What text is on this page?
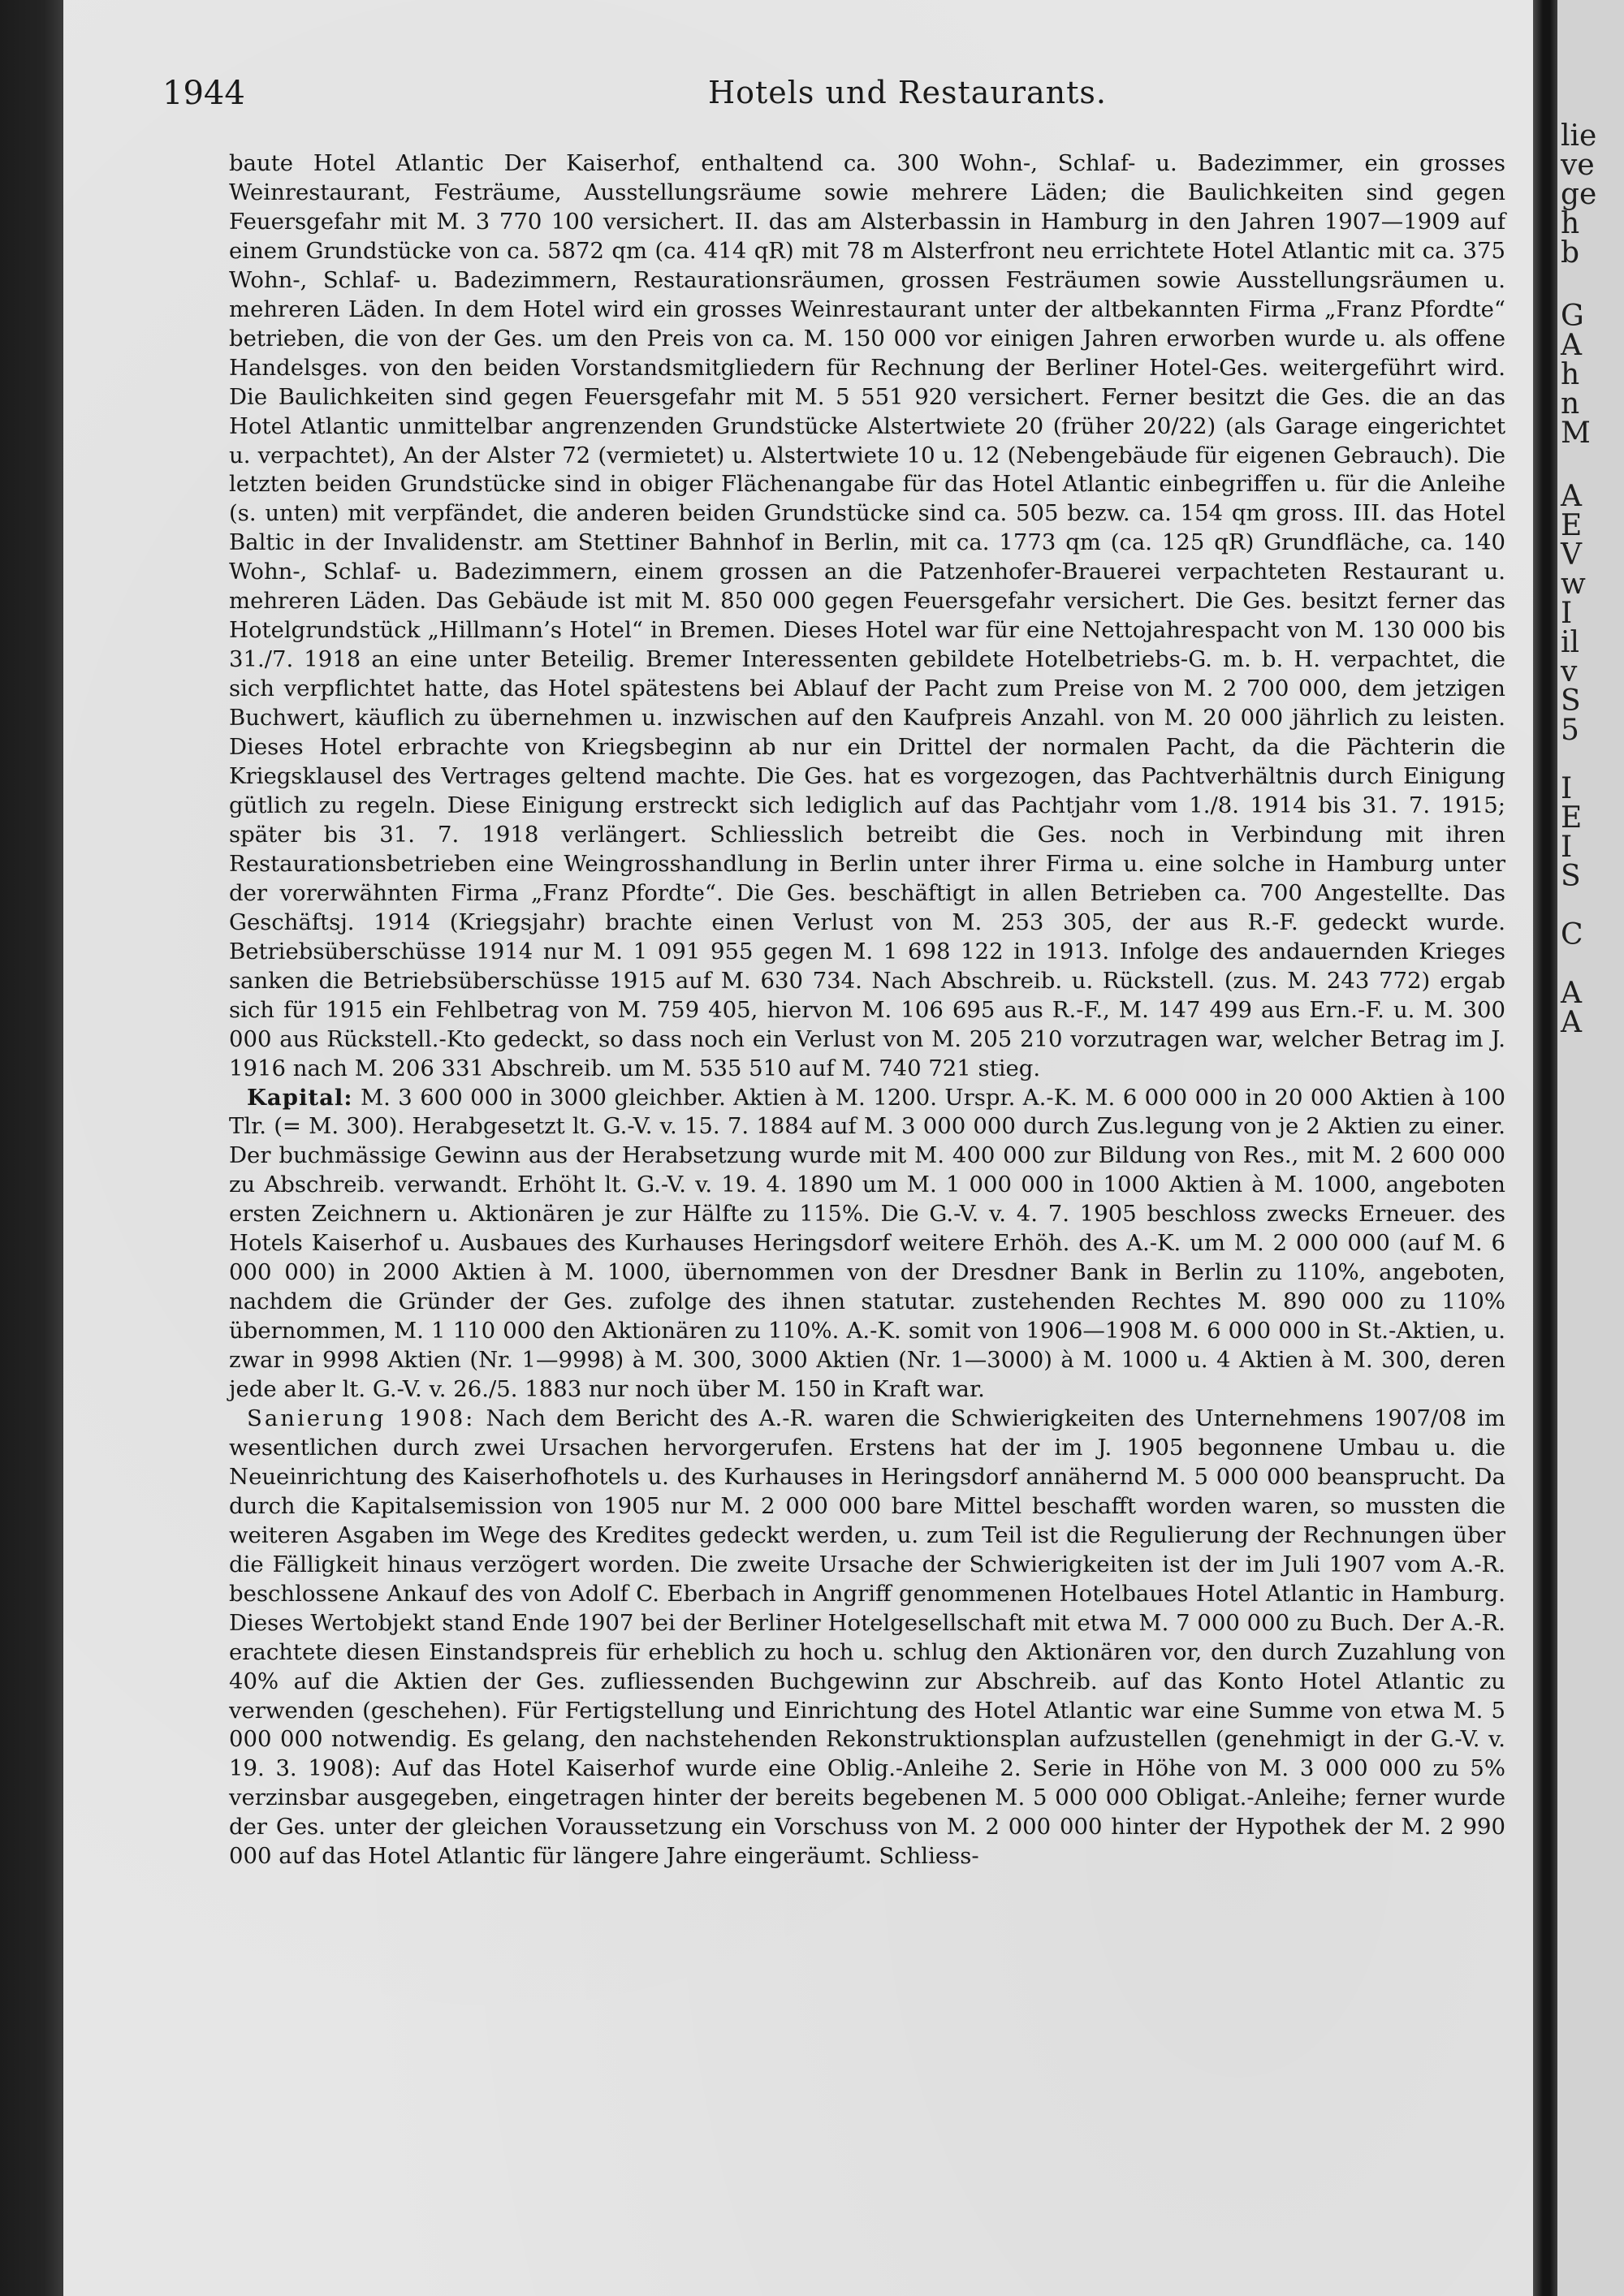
1944	Hotels und Restaurants.

baute Hotel Atlantic Der Kaiserhof, enthaltend ca. 300 Wohn-, Schlaf- u. Badezimmer, ein grosses Weinrestaurant, Festräume, Ausstellungsräume sowie mehrere Läden; die Baulichkeiten sind gegen Feuersgefahr mit M. 3 770 100 versichert. II. das am Alsterbassin in Hamburg in den Jahren 1907—1909 auf einem Grundstücke von ca. 5872 qm (ca. 414 qR) mit 78 m Alsterfront neu errichtete Hotel Atlantic mit ca. 375 Wohn-, Schlaf- u. Badezimmern, Restaurationsräumen, grossen Festräumen sowie Ausstellungsräumen u. mehreren Läden. In dem Hotel wird ein grosses Weinrestaurant unter der altbekannten Firma „Franz Pfordte“ betrieben, die von der Ges. um den Preis von ca. M. 150 000 vor einigen Jahren erworben wurde u. als offene Handelsges. von den beiden Vorstandsmitgliedern für Rechnung der Berliner Hotel-Ges. weitergeführt wird. Die Baulichkeiten sind gegen Feuersgefahr mit M. 5 551 920 versichert. Ferner besitzt die Ges. die an das Hotel Atlantic unmittelbar angrenzenden Grundstücke Alstertwiete 20 (früher 20/22) (als Garage eingerichtet u. verpachtet), An der Alster 72 (vermietet) u. Alstertwiete 10 u. 12 (Nebengebäude für eigenen Gebrauch). Die letzten beiden Grundstücke sind in obiger Flächenangabe für das Hotel Atlantic einbegriffen u. für die Anleihe (s. unten) mit verpfändet, die anderen beiden Grundstücke sind ca. 505 bezw. ca. 154 qm gross. III. das Hotel Baltic in der Invalidenstr. am Stettiner Bahnhof in Berlin, mit ca. 1773 qm (ca. 125 qR) Grundfläche, ca. 140 Wohn-, Schlaf- u. Badezimmern, einem grossen an die Patzenhofer-Brauerei verpachteten Restaurant u. mehreren Läden. Das Gebäude ist mit M. 850 000 gegen Feuersgefahr versichert. Die Ges. besitzt ferner das Hotelgrundstück „Hillmann’s Hotel“ in Bremen. Dieses Hotel war für eine Nettojahrespacht von M. 130 000 bis 31./7. 1918 an eine unter Beteilig. Bremer Interessenten gebildete Hotelbetriebs-G. m. b. H. verpachtet, die sich verpflichtet hatte, das Hotel spätestens bei Ablauf der Pacht zum Preise von M. 2 700 000, dem jetzigen Buchwert, käuflich zu übernehmen u. inzwischen auf den Kaufpreis Anzahl. von M. 20 000 jährlich zu leisten. Dieses Hotel erbrachte von Kriegsbeginn ab nur ein Drittel der normalen Pacht, da die Pächterin die Kriegsklausel des Vertrages geltend machte. Die Ges. hat es vorgezogen, das Pachtverhältnis durch Einigung gütlich zu regeln. Diese Einigung erstreckt sich lediglich auf das Pachtjahr vom 1./8. 1914 bis 31. 7. 1915; später bis 31. 7. 1918 verlängert. Schliesslich betreibt die Ges. noch in Verbindung mit ihren Restaurationsbetrieben eine Weingrosshandlung in Berlin unter ihrer Firma u. eine solche in Hamburg unter der vorerwähnten Firma „Franz Pfordte“. Die Ges. beschäftigt in allen Betrieben ca. 700 Angestellte. Das Geschäftsj. 1914 (Kriegsjahr) brachte einen Verlust von M. 253 305, der aus R.-F. gedeckt wurde. Betriebsüberschüsse 1914 nur M. 1 091 955 gegen M. 1 698 122 in 1913. Infolge des andauernden Krieges sanken die Betriebsüberschüsse 1915 auf M. 630 734. Nach Abschreib. u. Rückstell. (zus. M. 243 772) ergab sich für 1915 ein Fehlbetrag von M. 759 405, hiervon M. 106 695 aus R.-F., M. 147 499 aus Ern.-F. u. M. 300 000 aus Rückstell.-Kto gedeckt, so dass noch ein Verlust von M. 205 210 vorzutragen war, welcher Betrag im J. 1916 nach M. 206 331 Abschreib. um M. 535 510 auf M. 740 721 stieg.

Kapital: M. 3 600 000 in 3000 gleichber. Aktien à M. 1200. Urspr. A.-K. M. 6 000 000 in 20 000 Aktien à 100 Tlr. (= M. 300). Herabgesetzt lt. G.-V. v. 15. 7. 1884 auf M. 3 000 000 durch Zus.legung von je 2 Aktien zu einer. Der buchmässige Gewinn aus der Herabsetzung wurde mit M. 400 000 zur Bildung von Res., mit M. 2 600 000 zu Abschreib. verwandt. Erhöht lt. G.-V. v. 19. 4. 1890 um M. 1 000 000 in 1000 Aktien à M. 1000, angeboten ersten Zeichnern u. Aktionären je zur Hälfte zu 115%. Die G.-V. v. 4. 7. 1905 beschloss zwecks Erneuer. des Hotels Kaiserhof u. Ausbaues des Kurhauses Heringsdorf weitere Erhöh. des A.-K. um M. 2 000 000 (auf M. 6 000 000) in 2000 Aktien à M. 1000, übernommen von der Dresdner Bank in Berlin zu 110%, angeboten, nachdem die Gründer der Ges. zufolge des ihnen statutar. zustehenden Rechtes M. 890 000 zu 110% übernommen, M. 1 110 000 den Aktionären zu 110%. A.-K. somit von 1906—1908 M. 6 000 000 in St.-Aktien, u. zwar in 9998 Aktien (Nr. 1—9998) à M. 300, 3000 Aktien (Nr. 1—3000) à M. 1000 u. 4 Aktien à M. 300, deren jede aber lt. G.-V. v. 26./5. 1883 nur noch über M. 150 in Kraft war.

Sanierung 1908: Nach dem Bericht des A.-R. waren die Schwierigkeiten des Unternehmens 1907/08 im wesentlichen durch zwei Ursachen hervorgerufen. Erstens hat der im J. 1905 begonnene Umbau u. die Neueinrichtung des Kaiserhofhotels u. des Kurhauses in Heringsdorf annähernd M. 5 000 000 beansprucht. Da durch die Kapitalsemission von 1905 nur M. 2 000 000 bare Mittel beschafft worden waren, so mussten die weiteren Asgaben im Wege des Kredites gedeckt werden, u. zum Teil ist die Regulierung der Rechnungen über die Fälligkeit hinaus verzögert worden. Die zweite Ursache der Schwierigkeiten ist der im Juli 1907 vom A.-R. beschlossene Ankauf des von Adolf C. Eberbach in Angriff genommenen Hotelbaues Hotel Atlantic in Hamburg. Dieses Wertobjekt stand Ende 1907 bei der Berliner Hotelgesellschaft mit etwa M. 7 000 000 zu Buch. Der A.-R. erachtete diesen Einstandspreis für erheblich zu hoch u. schlug den Aktionären vor, den durch Zuzahlung von 40% auf die Aktien der Ges. zufliessenden Buchgewinn zur Abschreib. auf das Konto Hotel Atlantic zu verwenden (geschehen). Für Fertigstellung und Einrichtung des Hotel Atlantic war eine Summe von etwa M. 5 000 000 notwendig. Es gelang, den nachstehenden Rekonstruktionsplan aufzustellen (genehmigt in der G.-V. v. 19. 3. 1908): Auf das Hotel Kaiserhof wurde eine Oblig.-Anleihe 2. Serie in Höhe von M. 3 000 000 zu 5% verzinsbar ausgegeben, eingetragen hinter der bereits begebenen M. 5 000 000 Obligat.-Anleihe; ferner wurde der Ges. unter der gleichen Voraussetzung ein Vorschuss von M. 2 000 000 hinter der Hypothek der M. 2 990 000 auf das Hotel Atlantic für längere Jahre eingeräumt. Schliess-

lie
ve
ge
h
b
G
A
h
n
M
A
E
V
w
I
il
v
S
5
I
E
I
S
C
A
A
